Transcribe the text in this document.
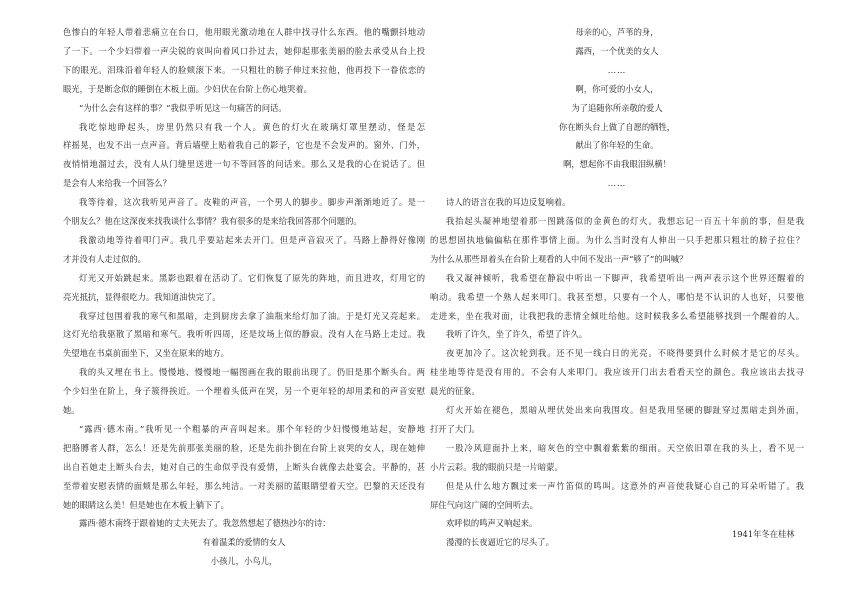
色惨白的年轻人带着悲痛立在台口，他用眼光激动地在人群中找寻什么东西。他的嘴颤抖地动
了一下。一个少妇带着一声尖锐的哀叫向着风口扑过去，她仰起那张美丽的脸去承受从台上投
下的眼光。泪珠沿着年轻人的脸颊滚下来。一只粗壮的膀子伸过来拉他，他再投下一眷依恋的
眼光，于是断念似的睡倒在木板上面。少妇伏在台阶上伤心地哭着。
“为什么会有这样的事？”我似乎听见这一句痛苦的问话。
我吃惊地睁起头，房里仍然只有我一个人。黄色的灯火在玻璃灯罩里摆动，怪是怎
样摇晃，也发不出一点声音。背后墙壁上贴着我自己的影子，它也是不会发声的。窗外、门外，
夜悄悄地溜过去，没有人从门缝里送进一句不等回答的问话来。那么又是我的心在说话了。但
是会有人来给我一个回答么？
我等待着，这次我听见声音了。皮鞋的声音，一个男人的脚步。脚步声渐渐地近了。是一
个朋友么？他在这深夜来找我谈什么事情？我有很多的是来给我回答那个问题的。
我激动地等待着叩门声。我几乎要站起来去开门。但是声音寂灭了。马路上静得好像刚
才并没有人走过似的。
灯光又开始跳起来。黑影也跟着在活动了。它们恢复了原先的阵地，而且进攻，灯用它的
亮光抵抗，显得很吃力。我知道油快完了。
我穿过包围着我的寒气和黑暗，走到厨房去拿了油瓶来给灯加了油。于是灯光又亮起来。
这灯光给我驱散了黑暗和寒气。我听听四周，还是坟场上似的静寂。没有人在马路上走过。我
失望地在书桌前面坐下，又坐在原来的地方。
我的头又埋在书上。慢慢地、慢慢地一幅图画在我的眼前出现了。仍旧是那个断头台。两
个少妇坐在阶上，身子簇得挨近。一个埋着头低声在哭，另一个更年轻的却用柔和的声音安慰
她。
“露西·德木南。”我听见一个粗暴的声音叫起来。那个年轻的少妇慢慢地站起，安静地
把胳膊者人群，怎么！还是先前那张美丽的脸，还是先前扑倒在台阶上哀哭的女人，现在她伸
出自若她走上断头台去，她对自己的生命似乎没有爱情，上断头台就像去赴宴会。平静的，甚
至带着安慰表情的面颊是那么年轻，那么纯洁。一对美丽的蓝眼睛望着天空。巴黎的天还没有
她的眼睛这么美！但是她也在木板上躺下了。
露西·德木南终于跟着她的丈夫死去了。我忽然想起了德热沙尔的诗：
有着温柔的爱情的女人
小孩儿，小鸟儿，
母亲的心，芦苇的身，
露西，一个优美的女人
……
啊，你可爱的小女人，
为了追随你所亲敬的爱人
你在断头台上做了自愿的牺牲，
献出了你年轻的生命。
啊，想起你不由我眼泪纵横！
……
诗人的语言在我的耳边反复响着。
我抬起头凝神地望着那一图跳荡似的金黄色的灯火。我想忘记一百五十年前的事，但是我
的思想固执地偏偏粘在那件事情上面。为什么当时没有人伸出一只手把那只粗壮的膀子拉住？
为什么从那些昂着头在台阶上观看的人中间不发出一声“够了”的叫喊？
我又凝神倾听，我希望在静寂中听出一下脚声，我希望听出一两声表示这个世界还醒着的
响动。我希望一个熟人起来叩门。我甚至想，只要有一个人，哪怕是不认识的人也好，只要他
走进来，坐在我对面，让我把我的悲情全倾吐给他。这时候我多么希望能够找到一个醒着的人。
我听了许久，坐了许久，希望了许久。
夜更加冷了。这次轮到我。还不见一线白日的光亮。不晓得要到什么时候才是它的尽头。
桂坐地等待是没有用的。不会有人来叩门。我应该开门出去看看天空的颜色。我应该出去找寻
晨光的征象。
灯火开始在褪色，黑暗从埋伏处出来向我围攻。但是我用坚硬的脚趾穿过黑暗走到外面，
打开了大门。
一股冷风迎面扑上来，暗灰色的空中飘着紫紫的细雨。天空依旧罩在我的头上，看不见一
小片云彩。我的眼前只是一片暗蒙。
但是从什么地方飘过来一声竹笛似的鸣叫。这意外的声音使我疑心自己的耳朵听错了。我
屏住气向这广阔的空间听去。
欢呼似的鸣声又响起来。
漫漫的长夜逼近它的尽头了。
1941年冬在桂林
